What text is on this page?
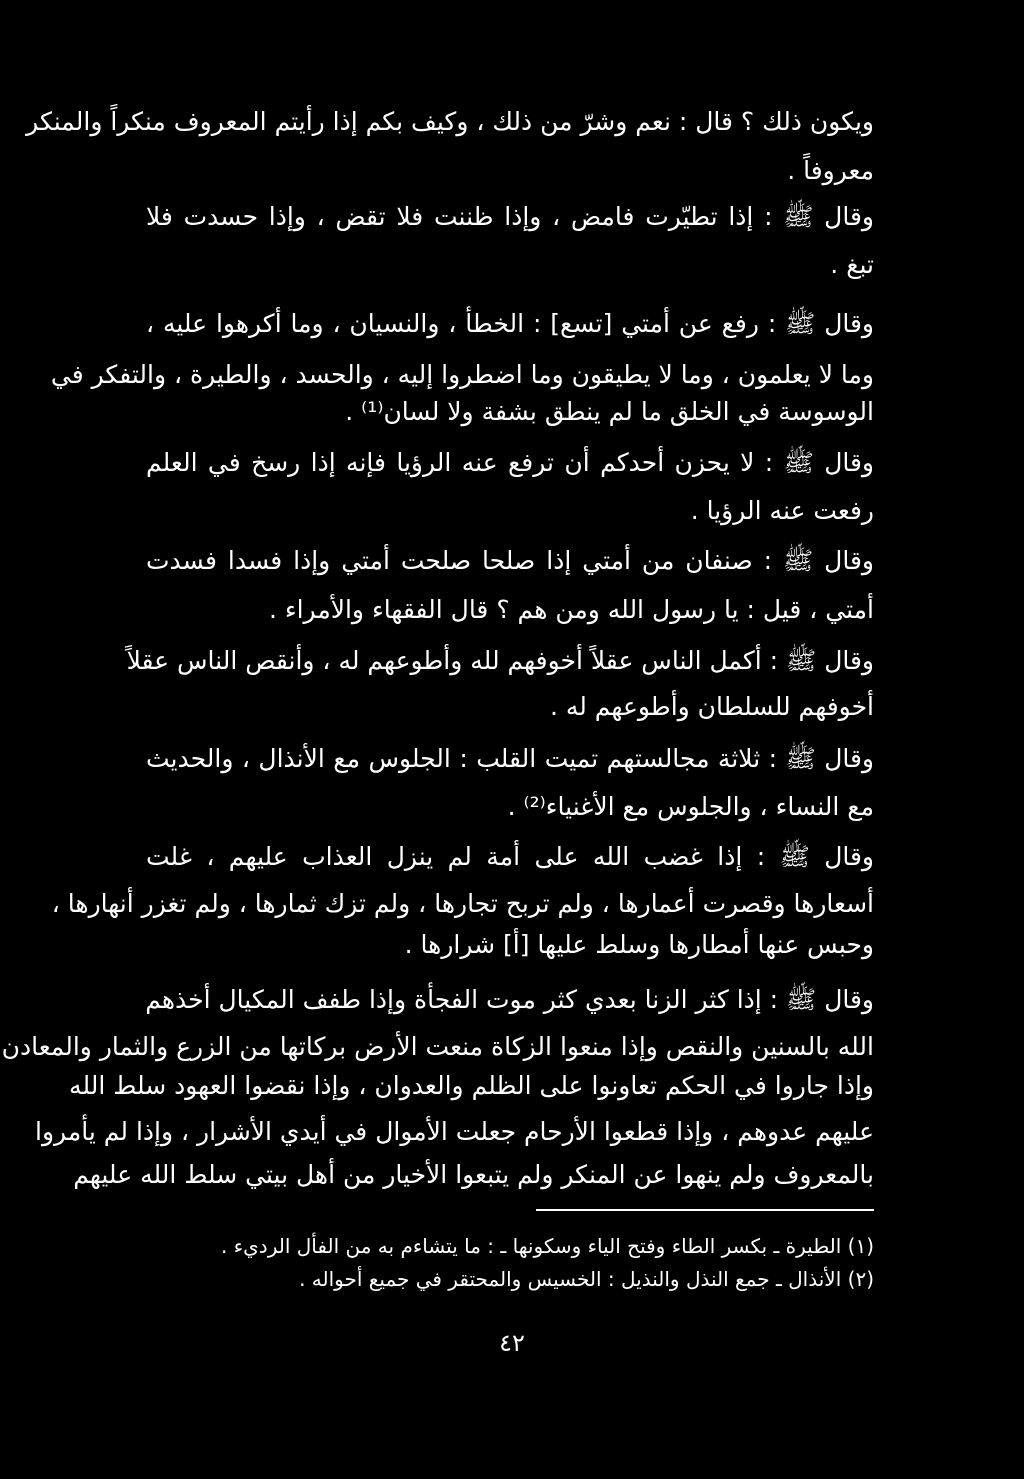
ويكون ذلك ؟ قال : نعم وشرّ من ذلك ، وكيف بكم إذا رأيتم المعروف منكراً والمنكر
معروفاً .
وقال ﷺ : إذا تطيّرت فامض ، وإذا ظننت فلا تقض ، وإذا حسدت فلا
تبغ .
وقال ﷺ : رفع عن أمتي [تسع] : الخطأ ، والنسيان ، وما أكرهوا عليه ،
وما لا يعلمون ، وما لا يطيقون وما اضطروا إليه ، والحسد ، والطيرة ، والتفكر في
الوسوسة في الخلق ما لم ينطق بشفة ولا لسان⁽¹⁾ .
وقال ﷺ : لا يحزن أحدكم أن ترفع عنه الرؤيا فإنه إذا رسخ في العلم
رفعت عنه الرؤيا .
وقال ﷺ : صنفان من أمتي إذا صلحا صلحت أمتي وإذا فسدا فسدت
أمتي ، قيل : يا رسول الله ومن هم ؟ قال الفقهاء والأمراء .
وقال ﷺ : أكمل الناس عقلاً أخوفهم لله وأطوعهم له ، وأنقص الناس عقلاً
أخوفهم للسلطان وأطوعهم له .
وقال ﷺ : ثلاثة مجالستهم تميت القلب : الجلوس مع الأنذال ، والحديث
مع النساء ، والجلوس مع الأغنياء⁽²⁾ .
وقال ﷺ : إذا غضب الله على أمة لم ينزل العذاب عليهم ، غلت
أسعارها وقصرت أعمارها ، ولم تربح تجارها ، ولم تزك ثمارها ، ولم تغزر أنهارها ،
وحبس عنها أمطارها وسلط عليها [أ] شرارها .
وقال ﷺ : إذا كثر الزنا بعدي كثر موت الفجأة وإذا طفف المكيال أخذهم
الله بالسنين والنقص وإذا منعوا الزكاة منعت الأرض بركاتها من الزرع والثمار والمعادن
وإذا جاروا في الحكم تعاونوا على الظلم والعدوان ، وإذا نقضوا العهود سلط الله
عليهم عدوهم ، وإذا قطعوا الأرحام جعلت الأموال في أيدي الأشرار ، وإذا لم يأمروا
بالمعروف ولم ينهوا عن المنكر ولم يتبعوا الأخيار من أهل بيتي سلط الله عليهم
(١) الطيرة ـ بكسر الطاء وفتح الياء وسكونها ـ : ما يتشاءم به من الفأل الرديء .
(٢) الأنذال ـ جمع النذل والنذيل : الخسيس والمحتقر في جميع أحواله .
٤٢
